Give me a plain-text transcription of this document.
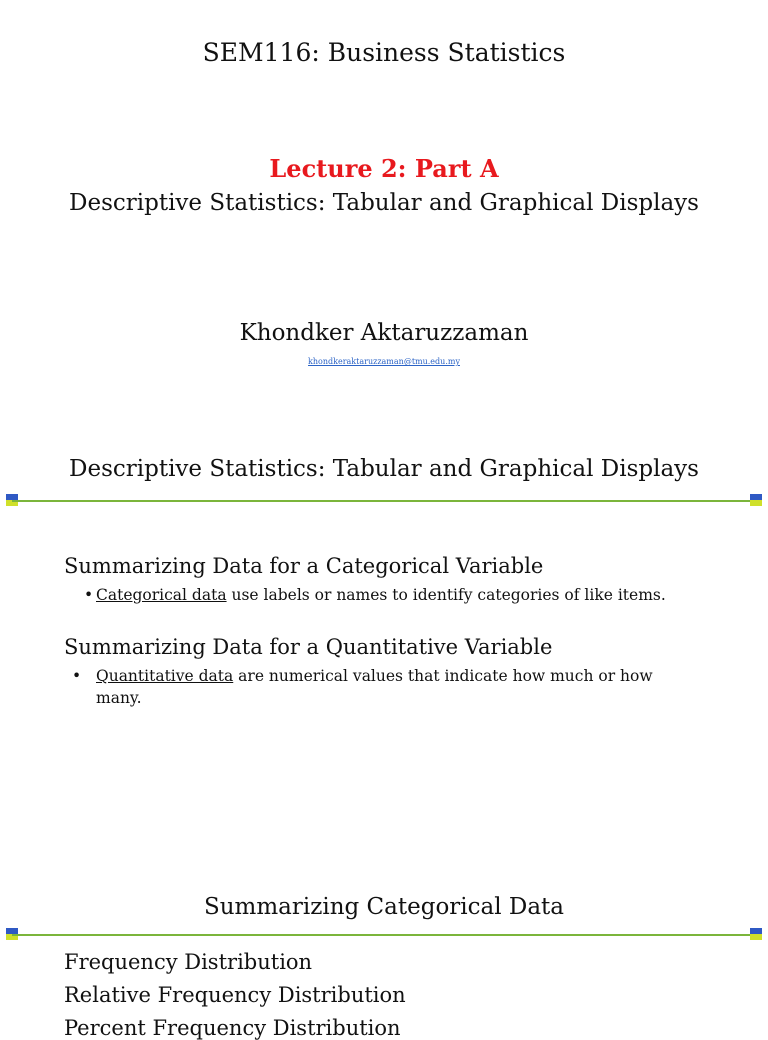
SEM116: Business Statistics
Lecture 2: Part A
Descriptive Statistics: Tabular and Graphical Displays
Khondker Aktaruzzaman
khondkeraktaruzzaman@tmu.edu.my
Descriptive Statistics: Tabular and Graphical Displays
Summarizing Data for a Categorical Variable
• Categorical data use labels or names to identify categories of like items.
Summarizing Data for a Quantitative Variable
• Quantitative data are numerical values that indicate how much or how many.
Summarizing Categorical Data
Frequency Distribution
Relative Frequency Distribution
Percent Frequency Distribution
